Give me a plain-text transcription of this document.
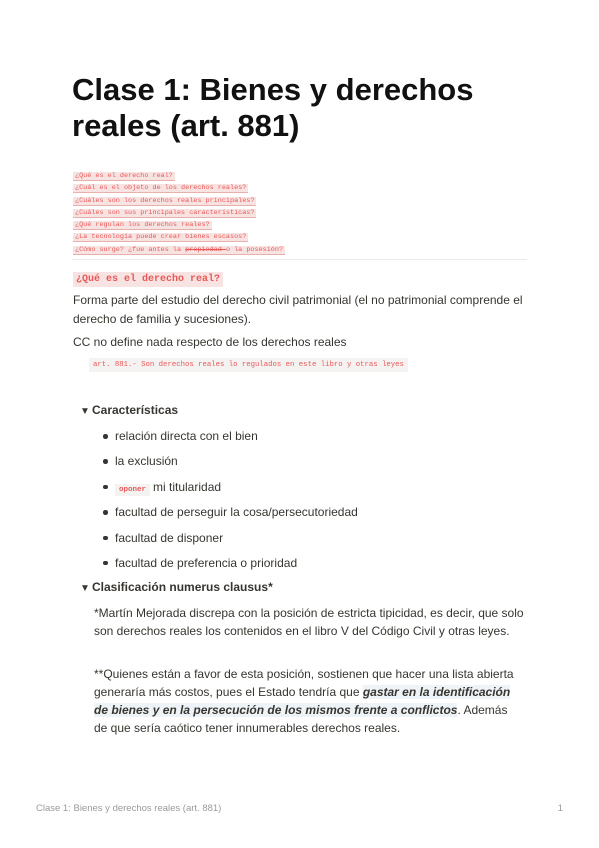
Clase 1: Bienes y derechos reales (art. 881)
¿Qué es el derecho real?
¿Cuál es el objeto de los derechos reales?
¿Cuáles son los derechos reales principales?
¿Cuáles son sus principales características?
¿Qué regulan los derechos reales?
¿La tecnología puede crear bienes escasos?
¿Cómo surge? ¿fue antes la propiedad o la posesión?
¿Qué es el derecho real?

Forma parte del estudio del derecho civil patrimonial (el no patrimonial comprende el derecho de familia y sucesiones).

CC no define nada respecto de los derechos reales

art. 881.- Son derechos reales lo regulados en este libro y otras leyes
▼ Características
relación directa con el bien
la exclusión
oponer mi titularidad
facultad de perseguir la cosa/persecutoriedad
facultad de disponer
facultad de preferencia o prioridad
▼ Clasificación numerus clausus*

*Martín Mejorada discrepa con la posición de estricta tipicidad, es decir, que solo son derechos reales los contenidos en el libro V del Código Civil y otras leyes.

**Quienes están a favor de esta posición, sostienen que hacer una lista abierta generaría más costos, pues el Estado tendría que gastar en la identificación de bienes y en la persecución de los mismos frente a conflictos. Además de que sería caótico tener innumerables derechos reales.

Clase 1: Bienes y derechos reales (art. 881)	1
